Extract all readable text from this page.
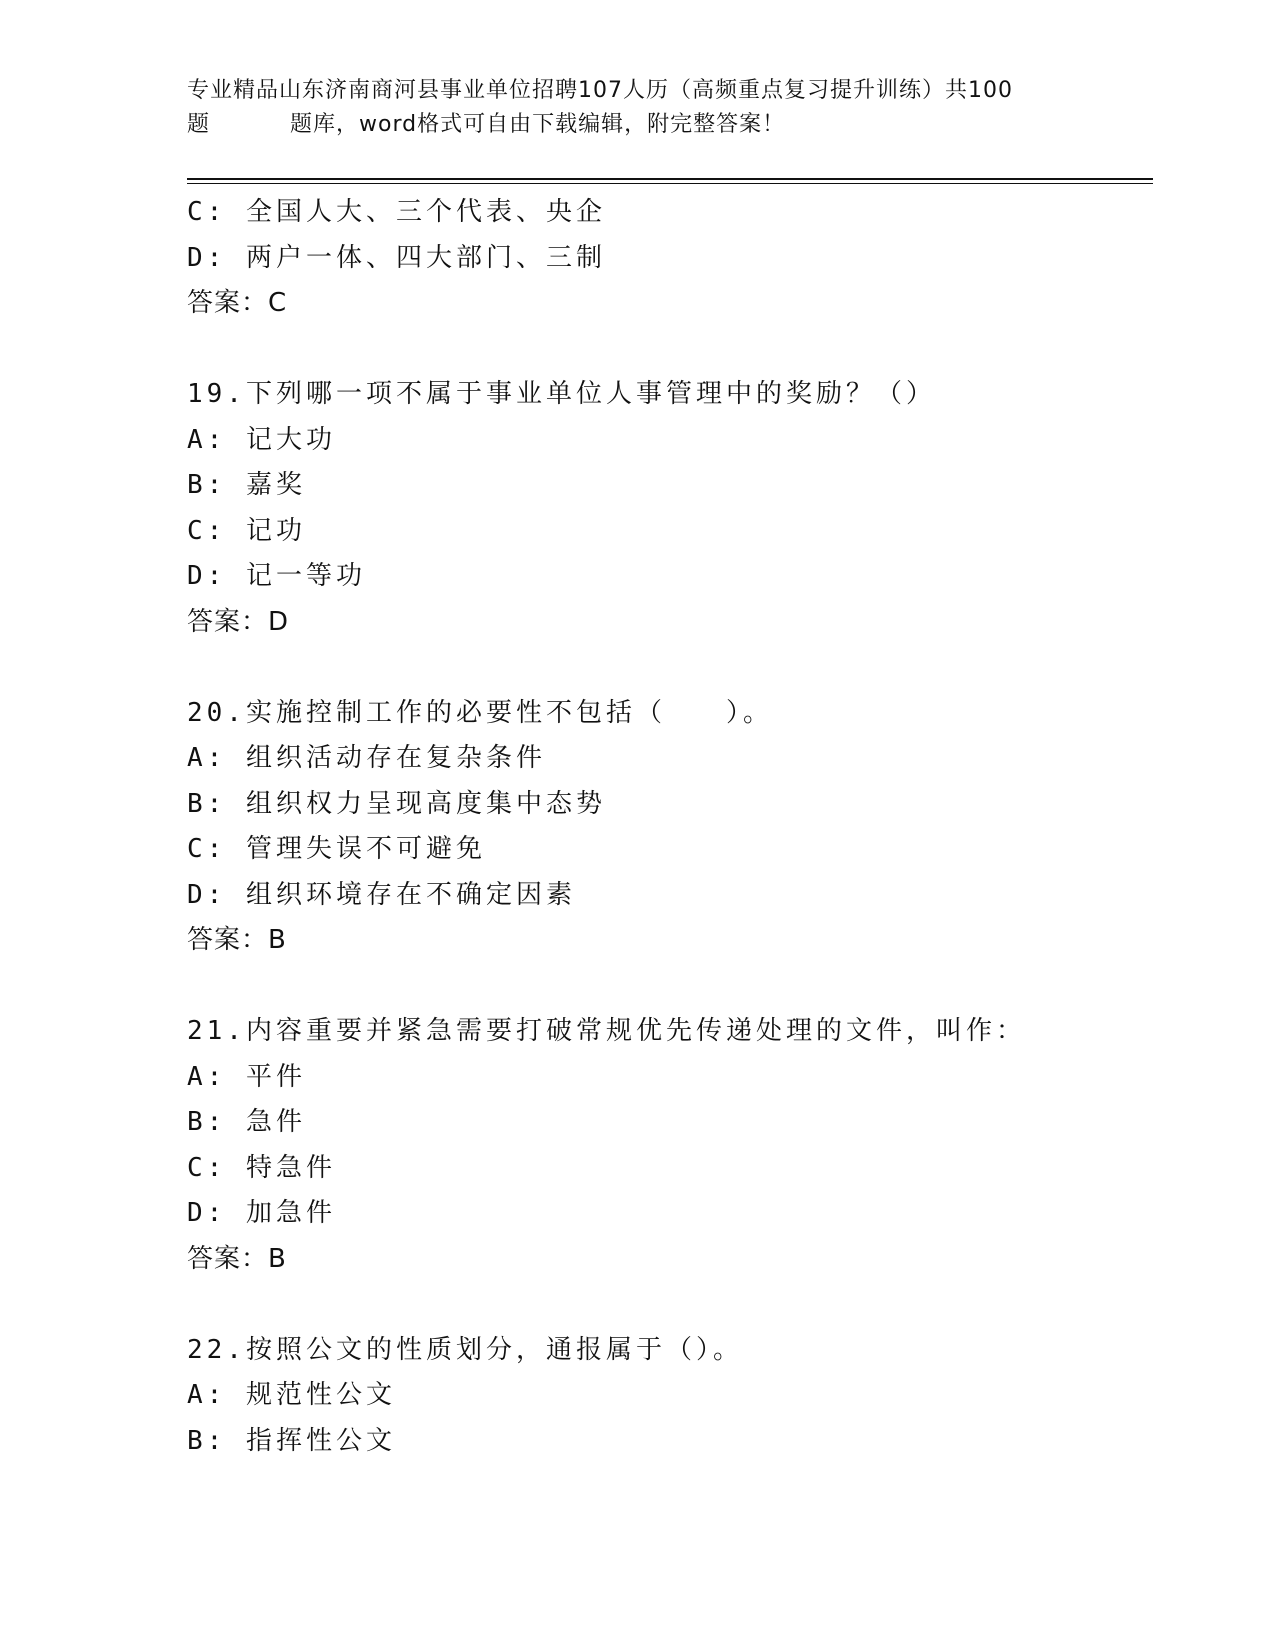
专业精品山东济南商河县事业单位招聘107人历（高频重点复习提升训练）共100
题	题库，word格式可自由下载编辑，附完整答案！
C: 全国人大、三个代表、央企
D: 两户一体、四大部门、三制
答案：C
19.下列哪一项不属于事业单位人事管理中的奖励？（）
A: 记大功
B: 嘉奖
C: 记功
D: 记一等功
答案：D
20.实施控制工作的必要性不包括（　　）。
A: 组织活动存在复杂条件
B: 组织权力呈现高度集中态势
C: 管理失误不可避免
D: 组织环境存在不确定因素
答案：B
21.内容重要并紧急需要打破常规优先传递处理的文件，叫作：
A: 平件
B: 急件
C: 特急件
D: 加急件
答案：B
22.按照公文的性质划分，通报属于（）。
A: 规范性公文
B: 指挥性公文
